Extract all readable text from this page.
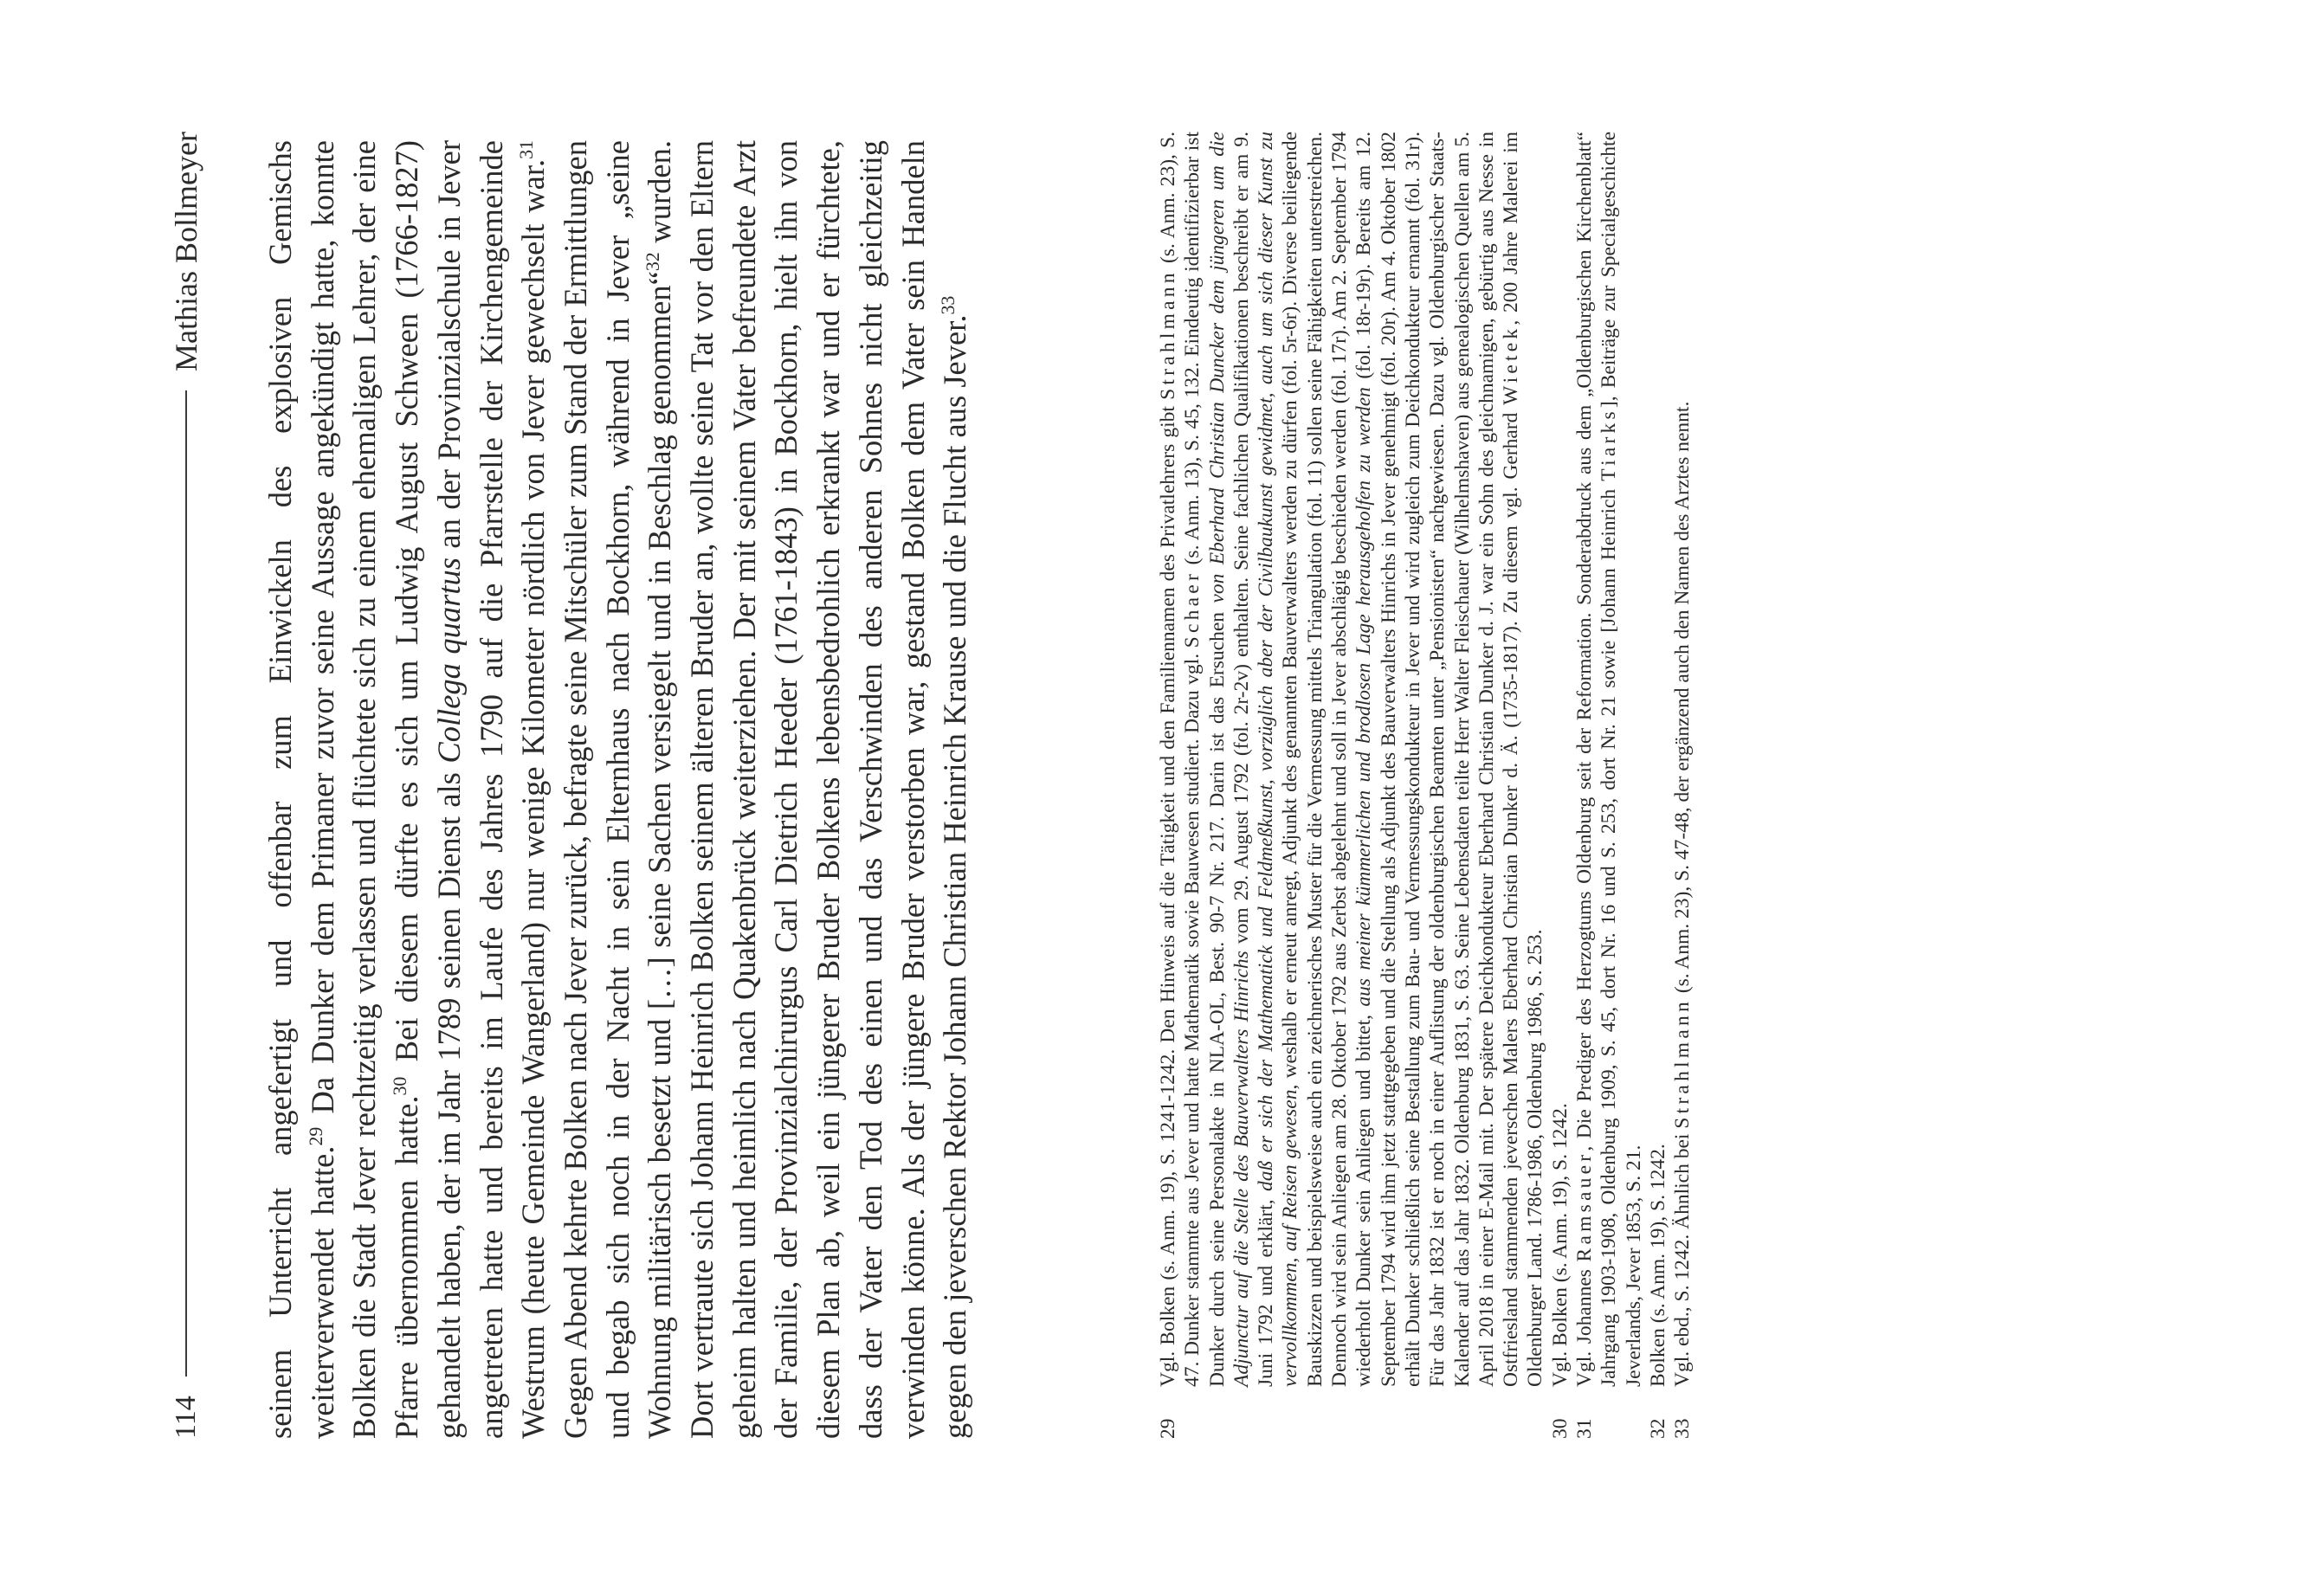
114
Mathias Bollmeyer seinem Unterricht angefertigt und offenbar zum Einwickeln des explosiven Gemischs weiterverwendet hatte.$^{29}$ Da Dunker dem Primaner zuvor seine Aussage angekündigt hatte, konnte Bolken die Stadt Jever rechtzeitig verlassen und flüchtete sich zu einem ehemaligen Lehrer, der eine Pfarre übernommen hatte.$^{30}$ Bei diesem dürfte es sich um Ludwig August Schween (1766-1827) gehandelt haben, der im Jahr 1789 seinen Dienst als Collega quartus an der Provinzialschule in Jever angetreten hatte und bereits im Laufe des Jahres 1790 auf die Pfarrstelle der Kirchengemeinde Westrum (heute Gemeinde Wangerland) nur wenige Kilometer nördlich von Jever gewechselt war.$^{31}$ Gegen Abend kehrte Bolken nach Jever zurück, befragte seine Mitschüler zum Stand der Ermittlungen und begab sich noch in der Nacht in sein Elternhaus nach Bockhorn, während in Jever „seine Wohnung militärisch besetzt und […] seine Sachen versiegelt und in Beschlag genommen“$^{32}$ wurden. Dort vertraute sich Johann Heinrich Bolken seinem älteren Bruder an, wollte seine Tat vor den Eltern geheim halten und heimlich nach Quakenbrück weiterziehen. Der mit seinem Vater befreundete Arzt der Familie, der Provinzialchirurgus Carl Dietrich Heeder (1761-1843) in Bockhorn, hielt ihn von diesem Plan ab, weil ein jüngerer Bruder Bolkens lebensbedrohlich erkrankt war und er fürchtete, dass der Vater den Tod des einen und das Verschwinden des anderen Sohnes nicht gleichzeitig verwinden könne. Als der jüngere Bruder verstorben war, gestand Bolken dem Vater sein Handeln gegen den jeverschen Rektor Johann Christian Heinrich Krause und die Flucht aus Jever.$^{33}$

29
Vgl. Bolken (s. Anm. 19), S. 1241-1242. Den Hinweis auf die Tätigkeit und den Familiennamen des Privatlehrers gibt Strahlmann (s. Anm. 23), S. 47. Dunker stammte aus Jever und hatte Mathematik sowie Bauwesen studiert. Dazu vgl. Schaer (s. Anm. 13), S. 45, 132. Eindeutig identifizierbar ist Dunker durch seine Personalakte in NLA-OL, Best. 90-7 Nr. 217. Darin ist das Ersuchen von Eberhard Christian Duncker dem jüngeren um die Adjunctur auf die Stelle des Bauverwalters Hinrichs vom 29. August 1792 (fol. 2r-2v) enthalten. Seine fachlichen Qualifikationen beschreibt er am 9. Juni 1792 und erklärt, daß er sich der Mathematick und Feldmeßkunst, vorzüglich aber der Civilbaukunst gewidmet, auch um sich dieser Kunst zu vervollkommen, auf Reisen gewesen, weshalb er erneut anregt, Adjunkt des genannten Bauverwalters werden zu dürfen (fol. 5r-6r). Diverse beiliegende Bauskizzen und beispielsweise auch ein zeichnerisches Muster für die Vermessung mittels Triangulation (fol. 11) sollen seine Fähigkeiten unterstreichen. Dennoch wird sein Anliegen am 28. Oktober 1792 aus Zerbst abgelehnt und soll in Jever abschlägig beschieden werden (fol. 17r). Am 2. September 1794 wiederholt Dunker sein Anliegen und bittet, aus meiner kümmerlichen und brodlosen Lage herausgeholfen zu werden (fol. 18r-19r). Bereits am 12. September 1794 wird ihm jetzt stattgegeben und die Stellung als Adjunkt des Bauverwalters Hinrichs in Jever genehmigt (fol. 20r). Am 4. Oktober 1802 erhält Dunker schließlich seine Bestallung zum Bau- und Vermessungskondukteur in Jever und wird zugleich zum Deichkondukteur ernannt (fol. 31r). Für das Jahr 1832 ist er noch in einer Auflistung der oldenburgischen Beamten unter „Pensionisten“ nachgewiesen. Dazu vgl. Oldenburgischer Staats-Kalender auf das Jahr 1832. Oldenburg 1831, S. 63. Seine Lebensdaten teilte Herr Walter Fleischauer (Wilhelmshaven) aus genealogischen Quellen am 5. April 2018 in einer E-Mail mit. Der spätere Deichkondukteur Eberhard Christian Dunker d. J. war ein Sohn des gleichnamigen, gebürtig aus Nesse in Ostfriesland stammenden jeverschen Malers Eberhard Christian Dunker d. Ä. (1735-1817). Zu diesem vgl. Gerhard Wietek, 200 Jahre Malerei im Oldenburger Land. 1786-1986, Oldenburg 1986, S. 253.
30
Vgl. Bolken (s. Anm. 19), S. 1242.
31
Vgl. Johannes Ramsauer, Die Prediger des Herzogtums Oldenburg seit der Reformation. Sonderabdruck aus dem „Oldenburgischen Kirchenblatt“ Jahrgang 1903-1908, Oldenburg 1909, S. 45, dort Nr. 16 und S. 253, dort Nr. 21 sowie [Johann Heinrich Tiarks], Beiträge zur Specialgeschichte Jeverlands, Jever 1853, S. 21.
32
Bolken (s. Anm. 19), S. 1242.
33
Vgl. ebd., S. 1242. Ähnlich bei Strahlmann (s. Anm. 23), S. 47-48, der ergänzend auch den Namen des Arztes nennt.
